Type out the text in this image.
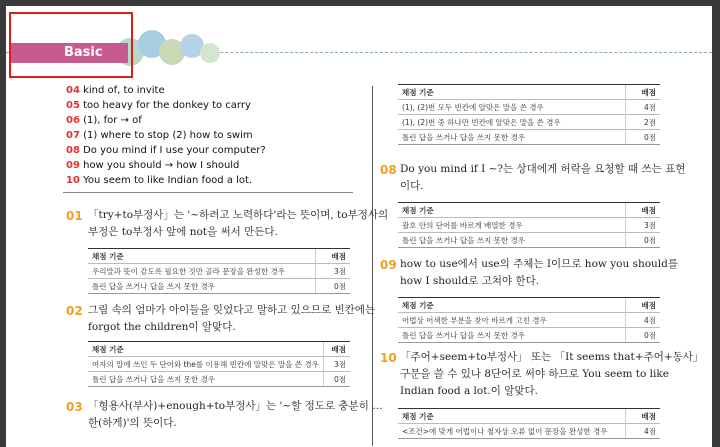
Basic
04 kind of, to invite
05 too heavy for the donkey to carry
06 (1), for → of
07 (1) where to stop (2) how to swim
08 Do you mind if I use your computer?
09 how you should → how I should
10 You seem to like Indian food a lot.
01 「try+to부정사」는 '~하려고 노력하다'라는 뜻이며, to부정사의
부정은 to부정사 앞에 not을 써서 만든다.
채점 기준	배점
우리말과 뜻이 같도록 필요한 것만 골라 문장을 완성한 경우	3점
틀린 답을 쓰거나 답을 쓰지 못한 경우	0점
02 그림 속의 엄마가 아이들을 잊었다고 말하고 있으므로 빈칸에는
forgot the children이 알맞다.
채점 기준	배점
여자의 말에 쓰인 두 단어와 the를 이용해 빈칸에 알맞은 말을 쓴 경우	3점
틀린 답을 쓰거나 답을 쓰지 못한 경우	0점
03 「형용사(부사)+enough+to부정사」는 '~할 정도로 충분히 …
한(하게)'의 뜻이다.
채점 기준	배점
(1), (2)번 모두 빈칸에 알맞은 말을 쓴 경우	4점
(1), (2)번 중 하나만 빈칸에 알맞은 말을 쓴 경우	2점
틀린 답을 쓰거나 답을 쓰지 못한 경우	0점
08 Do you mind if I ~?는 상대에게 허락을 요청할 때 쓰는 표현
이다.
채점 기준	배점
괄호 안의 단어를 바르게 배열한 경우	3점
틀린 답을 쓰거나 답을 쓰지 못한 경우	0점
09 how to use에서 use의 주체는 I이므로 how you should를
how I should로 고쳐야 한다.
채점 기준	배점
어법상 어색한 부분을 찾아 바르게 고친 경우	4점
틀린 답을 쓰거나 답을 쓰지 못한 경우	0점
10 「주어+seem+to부정사」 또는 「It seems that+주어+동사」
구문을 쓸 수 있나 8단어로 써야 하므로 You seem to like
Indian food a lot.이 알맞다.
채점 기준	배점
<조건>에 맞게 어법이나 철자상 오류 없이 문장을 완성한 경우	4점
